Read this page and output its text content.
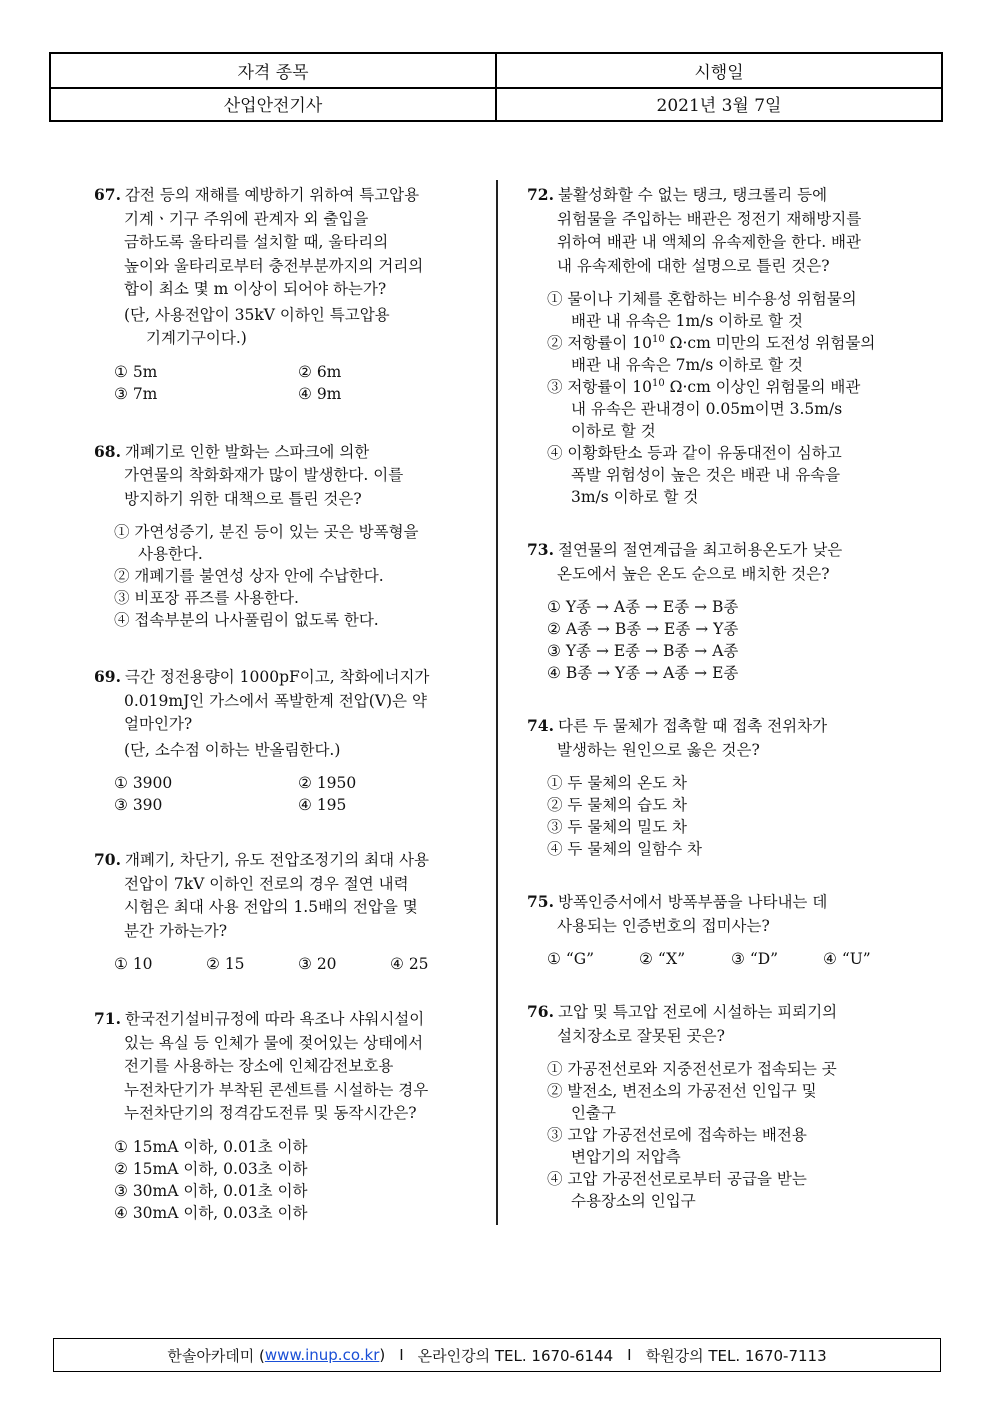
자격 종목	시행일
산업안전기사	2021년 3월 7일
67. 감전 등의 재해를 예방하기 위하여 특고압용
기계ㆍ기구 주위에 관계자 외 출입을
금하도록 울타리를 설치할 때, 울타리의
높이와 울타리로부터 충전부분까지의 거리의
합이 최소 몇 m 이상이 되어야 하는가?
(단, 사용전압이 35kV 이하인 특고압용
기계기구이다.)
① 5m	② 6m
③ 7m	④ 9m
68. 개폐기로 인한 발화는 스파크에 의한
가연물의 착화화재가 많이 발생한다. 이를
방지하기 위한 대책으로 틀린 것은?
① 가연성증기, 분진 등이 있는 곳은 방폭형을
사용한다.
② 개폐기를 불연성 상자 안에 수납한다.
③ 비포장 퓨즈를 사용한다.
④ 접속부분의 나사풀림이 없도록 한다.
69. 극간 정전용량이 1000pF이고, 착화에너지가
0.019mJ인 가스에서 폭발한계 전압(V)은 약
얼마인가?
(단, 소수점 이하는 반올림한다.)
① 3900	② 1950
③ 390	④ 195
70. 개폐기, 차단기, 유도 전압조정기의 최대 사용
전압이 7kV 이하인 전로의 경우 절연 내력
시험은 최대 사용 전압의 1.5배의 전압을 몇
분간 가하는가?
① 10	② 15	③ 20	④ 25
71. 한국전기설비규정에 따라 욕조나 샤워시설이
있는 욕실 등 인체가 물에 젖어있는 상태에서
전기를 사용하는 장소에 인체감전보호용
누전차단기가 부착된 콘센트를 시설하는 경우
누전차단기의 정격감도전류 및 동작시간은?
① 15mA 이하, 0.01초 이하
② 15mA 이하, 0.03초 이하
③ 30mA 이하, 0.01초 이하
④ 30mA 이하, 0.03초 이하
72. 불활성화할 수 없는 탱크, 탱크롤리 등에
위험물을 주입하는 배관은 정전기 재해방지를
위하여 배관 내 액체의 유속제한을 한다. 배관
내 유속제한에 대한 설명으로 틀린 것은?
① 물이나 기체를 혼합하는 비수용성 위험물의
배관 내 유속은 1m/s 이하로 할 것
② 저항률이 $10^{10}$ Ω·cm 미만의 도전성 위험물의
배관 내 유속은 7m/s 이하로 할 것
③ 저항률이 $10^{10}$ Ω·cm 이상인 위험물의 배관
내 유속은 관내경이 0.05m이면 3.5m/s
이하로 할 것
④ 이황화탄소 등과 같이 유동대전이 심하고
폭발 위험성이 높은 것은 배관 내 유속을
3m/s 이하로 할 것
73. 절연물의 절연계급을 최고허용온도가 낮은
온도에서 높은 온도 순으로 배치한 것은?
① Y종 → A종 → E종 → B종
② A종 → B종 → E종 → Y종
③ Y종 → E종 → B종 → A종
④ B종 → Y종 → A종 → E종
74. 다른 두 물체가 접촉할 때 접촉 전위차가
발생하는 원인으로 옳은 것은?
① 두 물체의 온도 차
② 두 물체의 습도 차
③ 두 물체의 밀도 차
④ 두 물체의 일함수 차
75. 방폭인증서에서 방폭부품을 나타내는 데
사용되는 인증번호의 접미사는?
① “G”	② “X”	③ “D”	④ “U”
76. 고압 및 특고압 전로에 시설하는 피뢰기의
설치장소로 잘못된 곳은?
① 가공전선로와 지중전선로가 접속되는 곳
② 발전소, 변전소의 가공전선 인입구 및
인출구
③ 고압 가공전선로에 접속하는 배전용
변압기의 저압측
④ 고압 가공전선로로부터 공급을 받는
수용장소의 인입구
한솔아카데미 ( www.inup.co.kr ) I 온라인강의 TEL. 1670-6144 I 학원강의 TEL. 1670-7113
